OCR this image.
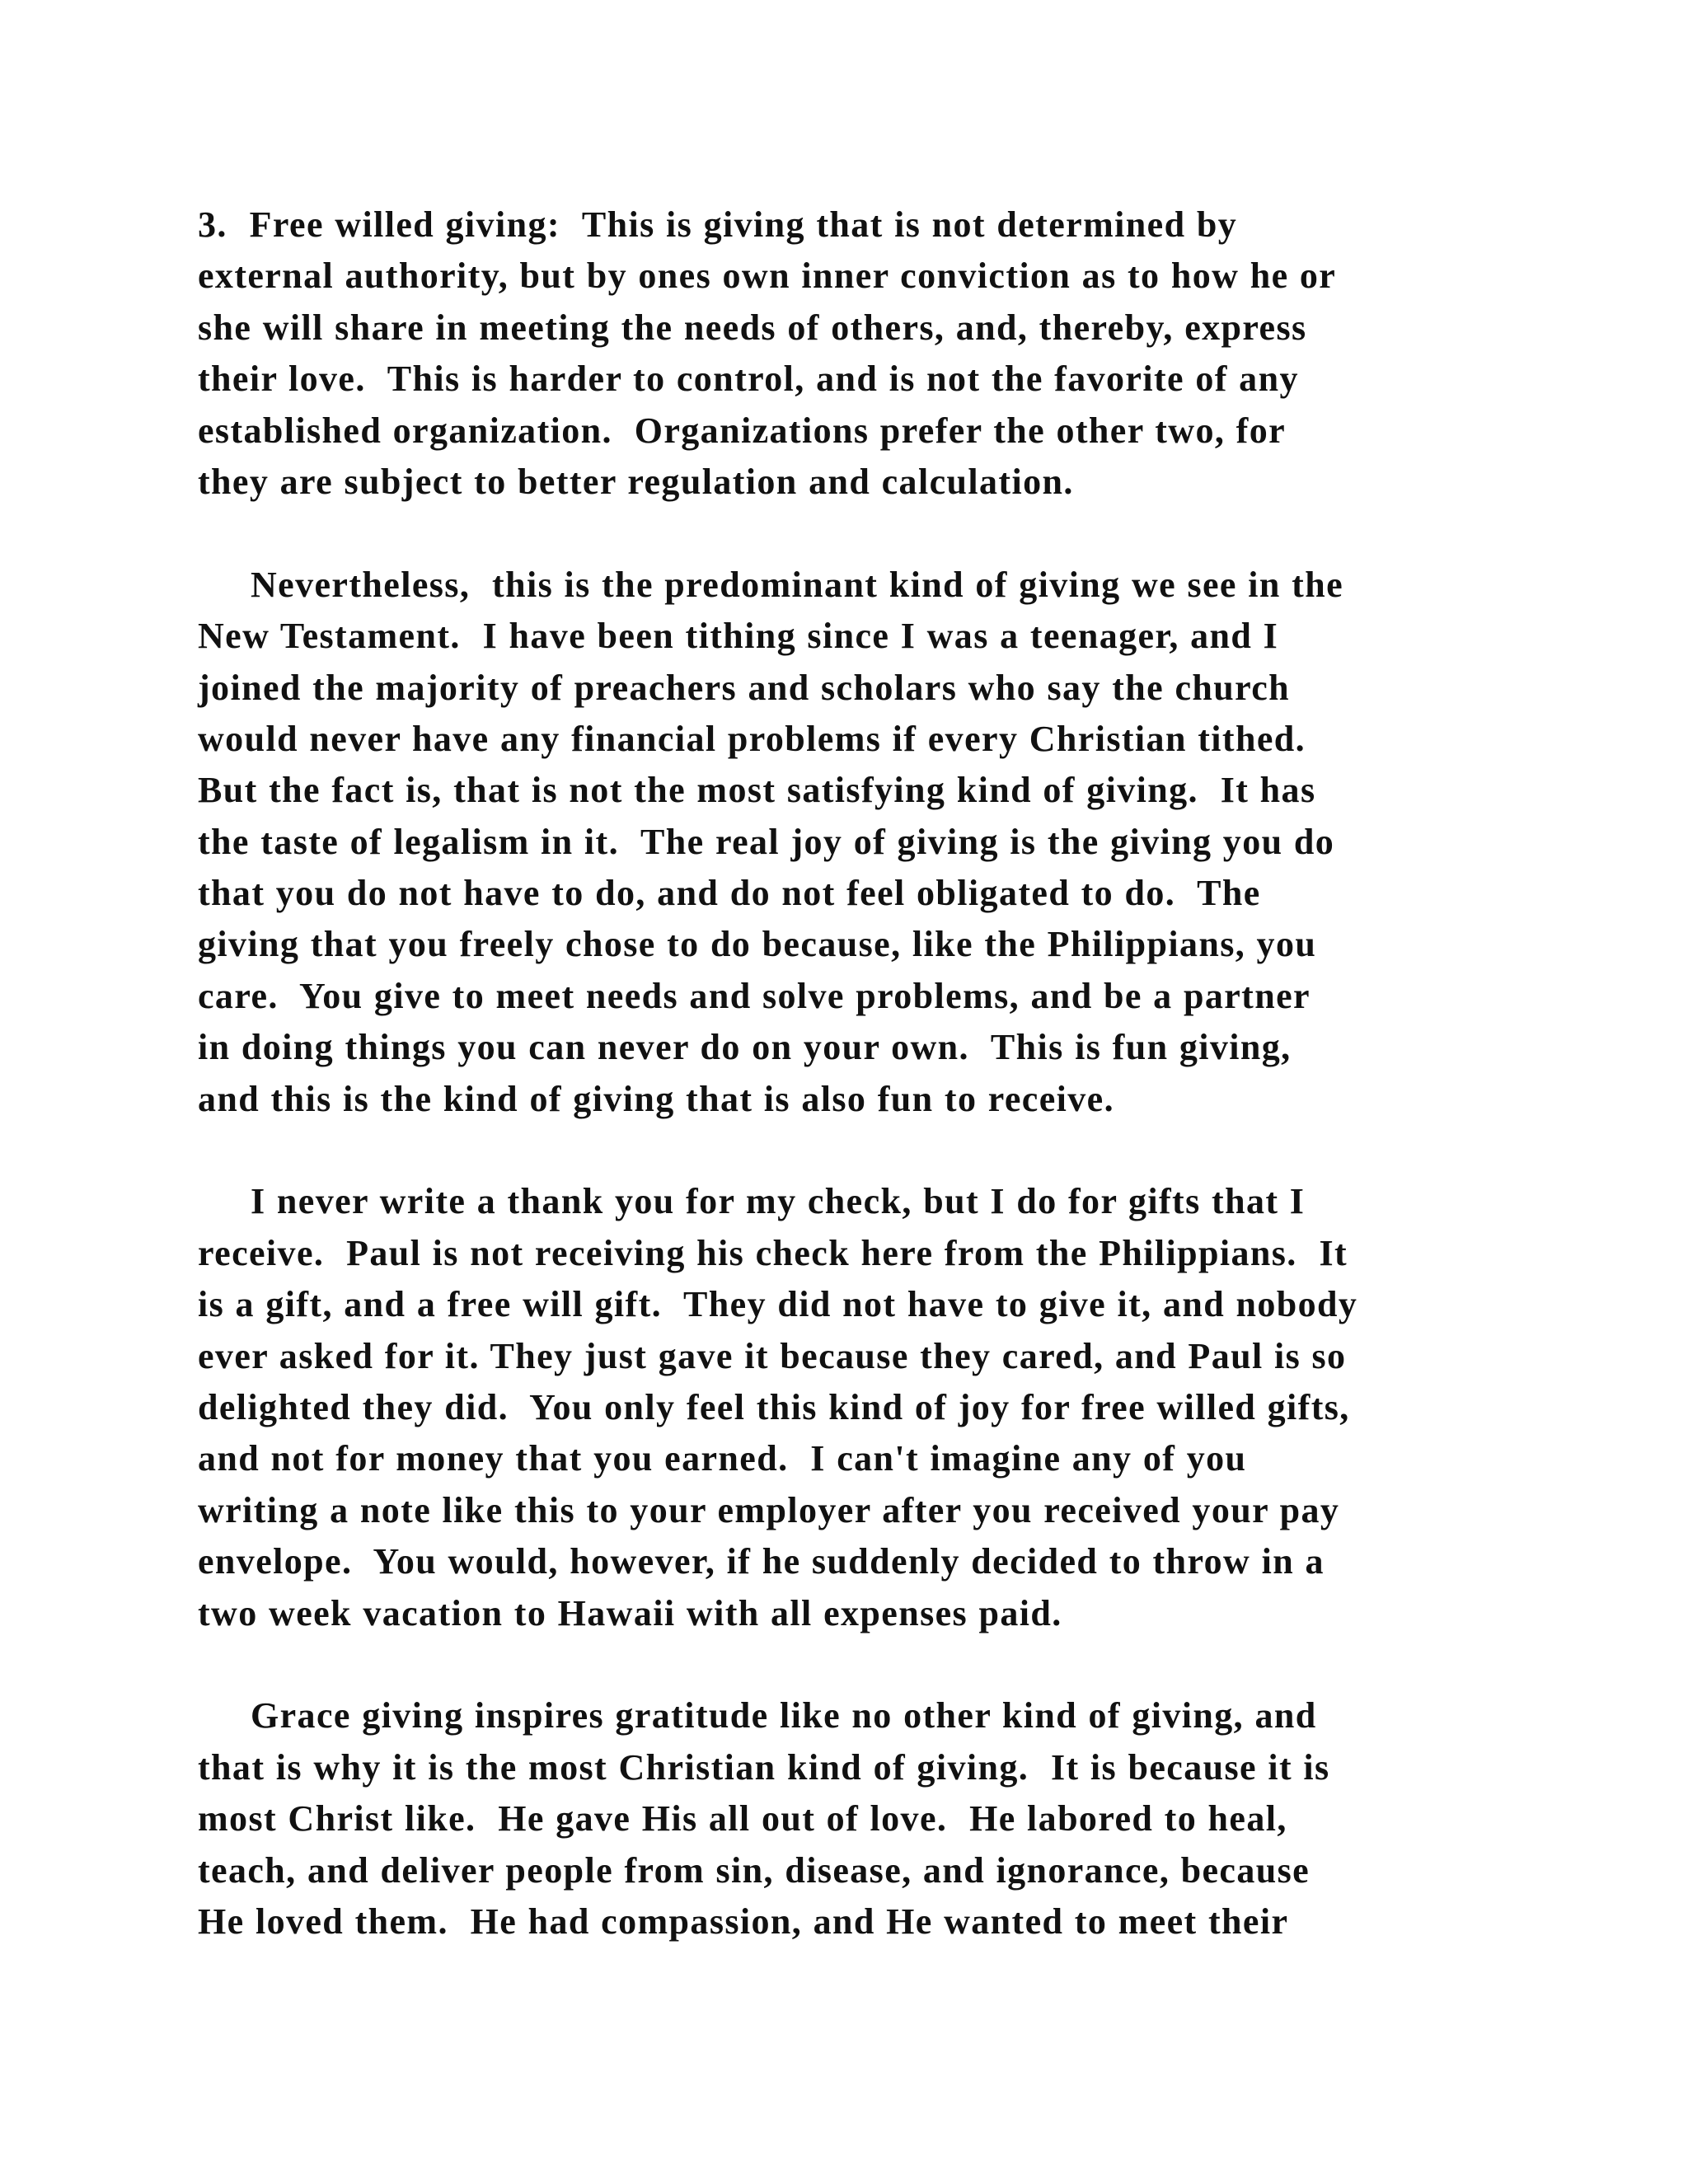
3.  Free willed giving:  This is giving that is not determined by
external authority, but by ones own inner conviction as to how he or
she will share in meeting the needs of others, and, thereby, express
their love.  This is harder to control, and is not the favorite of any
established organization.  Organizations prefer the other two, for
they are subject to better regulation and calculation.
Nevertheless,  this is the predominant kind of giving we see in the
New Testament.  I have been tithing since I was a teenager, and I
joined the majority of preachers and scholars who say the church
would never have any financial problems if every Christian tithed.
But the fact is, that is not the most satisfying kind of giving.  It has
the taste of legalism in it.  The real joy of giving is the giving you do
that you do not have to do, and do not feel obligated to do.  The
giving that you freely chose to do because, like the Philippians, you
care.  You give to meet needs and solve problems, and be a partner
in doing things you can never do on your own.  This is fun giving,
and this is the kind of giving that is also fun to receive.
I never write a thank you for my check, but I do for gifts that I
receive.  Paul is not receiving his check here from the Philippians.  It
is a gift, and a free will gift.  They did not have to give it, and nobody
ever asked for it. They just gave it because they cared, and Paul is so
delighted they did.  You only feel this kind of joy for free willed gifts,
and not for money that you earned.  I can't imagine any of you
writing a note like this to your employer after you received your pay
envelope.  You would, however, if he suddenly decided to throw in a
two week vacation to Hawaii with all expenses paid.
Grace giving inspires gratitude like no other kind of giving, and
that is why it is the most Christian kind of giving.  It is because it is
most Christ like.  He gave His all out of love.  He labored to heal,
teach, and deliver people from sin, disease, and ignorance, because
He loved them.  He had compassion, and He wanted to meet their
